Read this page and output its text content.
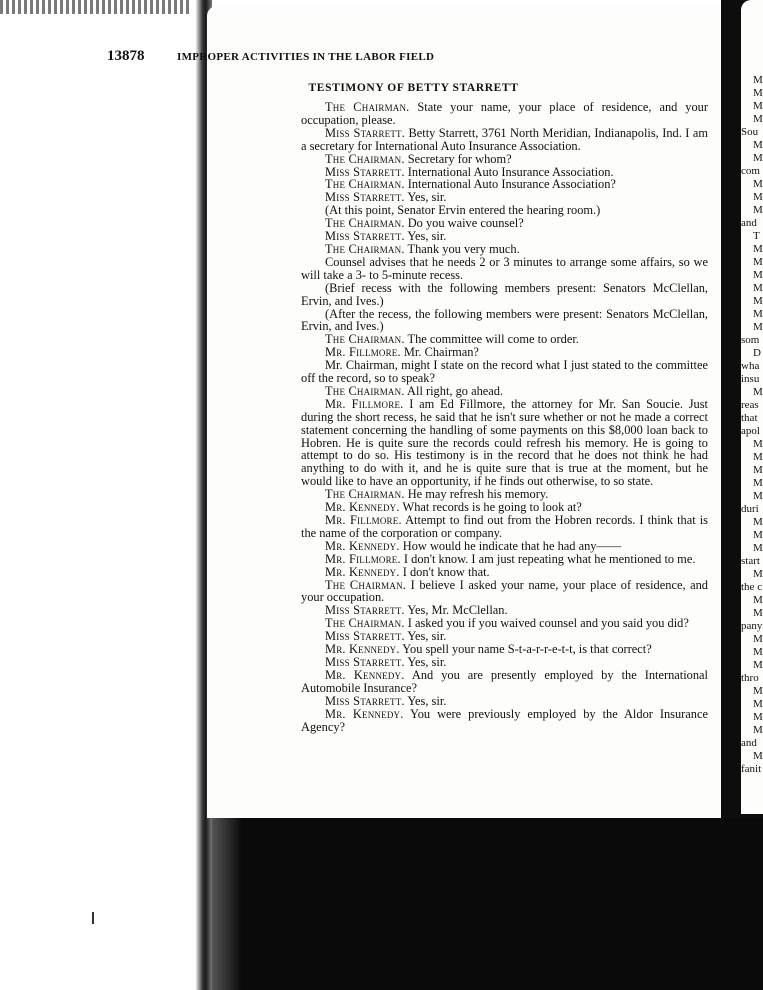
M
M
M
M
Sou
M
M
com
M
M
M
and
T
M
M
M
M
M
M
M
som
D
wha
insu
M
reas
that
apol
M
M
M
M
M
duri
M
M
M
start
M
the c
M
M
pany
M
M
M
thro
M
M
M
M
and
M
fanit
13878	IMPROPER ACTIVITIES IN THE LABOR FIELD
TESTIMONY OF BETTY STARRETT

The Chairman. State your name, your place of residence, and your occupation, please.

Miss Starrett. Betty Starrett, 3761 North Meridian, Indianapolis, Ind. I am a secretary for International Auto Insurance Association.

The Chairman. Secretary for whom?

Miss Starrett. International Auto Insurance Association.

The Chairman. International Auto Insurance Association?

Miss Starrett. Yes, sir.

(At this point, Senator Ervin entered the hearing room.)

The Chairman. Do you waive counsel?

Miss Starrett. Yes, sir.

The Chairman. Thank you very much.

Counsel advises that he needs 2 or 3 minutes to arrange some affairs, so we will take a 3- to 5-minute recess.

(Brief recess with the following members present: Senators McClellan, Ervin, and Ives.)

(After the recess, the following members were present: Senators McClellan, Ervin, and Ives.)

The Chairman. The committee will come to order.

Mr. Fillmore. Mr. Chairman?

Mr. Chairman, might I state on the record what I just stated to the committee off the record, so to speak?

The Chairman. All right, go ahead.

Mr. Fillmore. I am Ed Fillmore, the attorney for Mr. San Soucie. Just during the short recess, he said that he isn't sure whether or not he made a correct statement concerning the handling of some payments on this $8,000 loan back to Hobren. He is quite sure the records could refresh his memory. He is going to attempt to do so. His testimony is in the record that he does not think he had anything to do with it, and he is quite sure that is true at the moment, but he would like to have an opportunity, if he finds out otherwise, to so state.

The Chairman. He may refresh his memory.

Mr. Kennedy. What records is he going to look at?

Mr. Fillmore. Attempt to find out from the Hobren records. I think that is the name of the corporation or company.

Mr. Kennedy. How would he indicate that he had any——

Mr. Fillmore. I don't know. I am just repeating what he mentioned to me.

Mr. Kennedy. I don't know that.

The Chairman. I believe I asked your name, your place of residence, and your occupation.

Miss Starrett. Yes, Mr. McClellan.

The Chairman. I asked you if you waived counsel and you said you did?

Miss Starrett. Yes, sir.

Mr. Kennedy. You spell your name S-t-a-r-r-e-t-t, is that correct?

Miss Starrett. Yes, sir.

Mr. Kennedy. And you are presently employed by the International Automobile Insurance?

Miss Starrett. Yes, sir.

Mr. Kennedy. You were previously employed by the Aldor Insurance Agency?
